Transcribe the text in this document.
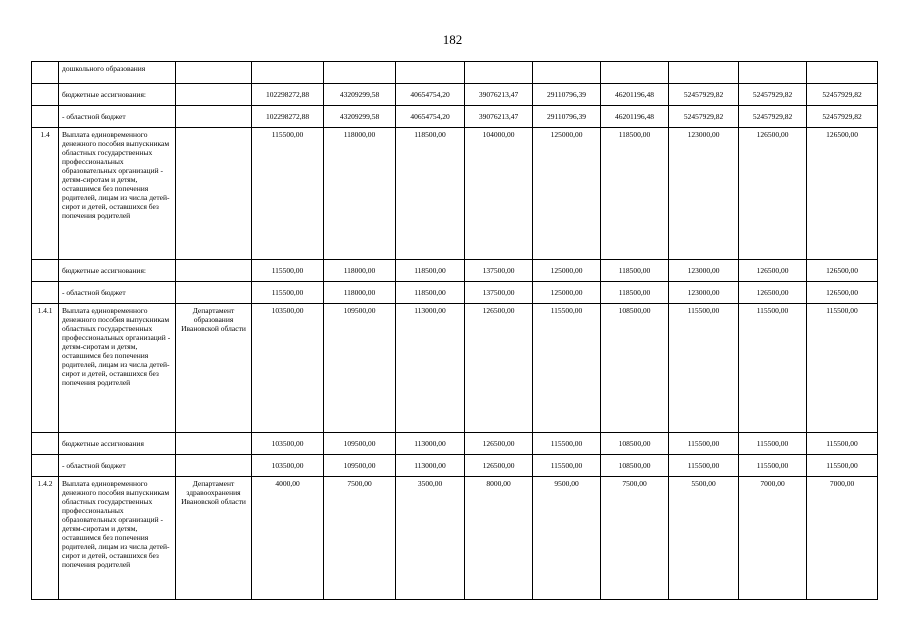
182
	дошкольного образования										
	бюджетные ассигнования:		102298272,88	43209299,58	40654754,20	39076213,47	29110796,39	46201196,48	52457929,82	52457929,82	52457929,82
	- областной бюджет		102298272,88	43209299,58	40654754,20	39076213,47	29110796,39	46201196,48	52457929,82	52457929,82	52457929,82
1.4	Выплата единовременного денежного пособия выпускникам областных государственных профессиональных образовательных организаций - детям-сиротам и детям, оставшимся без попечения родителей, лицам из числа детей-сирот и детей, оставшихся без попечения родителей		115500,00	118000,00	118500,00	104000,00	125000,00	118500,00	123000,00	126500,00	126500,00
	бюджетные ассигнования:		115500,00	118000,00	118500,00	137500,00	125000,00	118500,00	123000,00	126500,00	126500,00
	- областной бюджет		115500,00	118000,00	118500,00	137500,00	125000,00	118500,00	123000,00	126500,00	126500,00
1.4.1	Выплата единовременного денежного пособия выпускникам областных государственных профессиональных организаций - детям-сиротам и детям, оставшимся без попечения родителей, лицам из числа детей-сирот и детей, оставшихся без попечения родителей	Департамент образования Ивановской области	103500,00	109500,00	113000,00	126500,00	115500,00	108500,00	115500,00	115500,00	115500,00
	бюджетные ассигнования		103500,00	109500,00	113000,00	126500,00	115500,00	108500,00	115500,00	115500,00	115500,00
	- областной бюджет		103500,00	109500,00	113000,00	126500,00	115500,00	108500,00	115500,00	115500,00	115500,00
1.4.2	Выплата единовременного денежного пособия выпускникам областных государственных профессиональных образовательных организаций - детям-сиротам и детям, оставшимся без попечения родителей, лицам из числа детей-сирот и детей, оставшихся без попечения родителей	Департамент здравоохранения Ивановской области	4000,00	7500,00	3500,00	8000,00	9500,00	7500,00	5500,00	7000,00	7000,00
